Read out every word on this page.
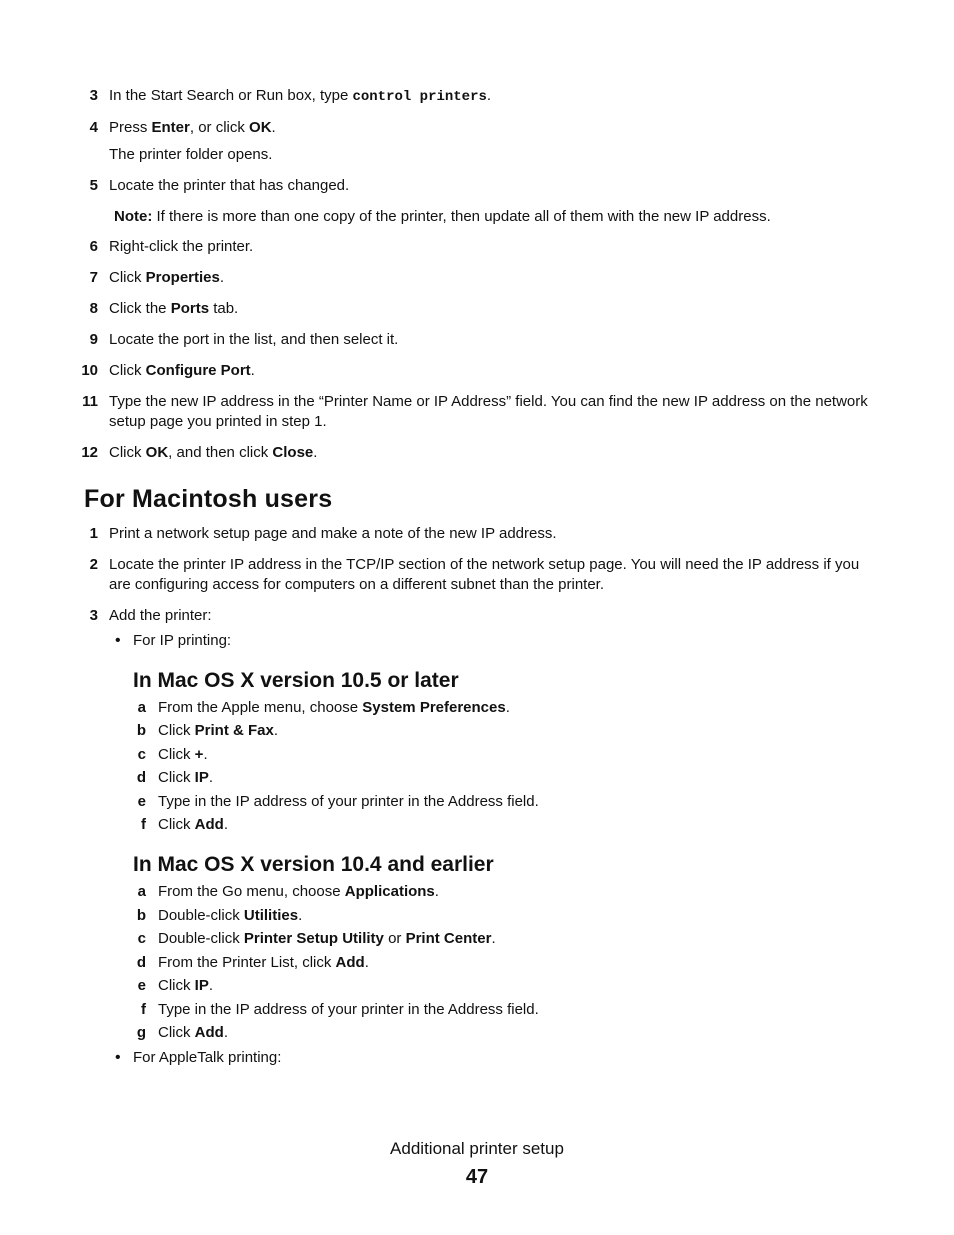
3 In the Start Search or Run box, type control printers.
4 Press Enter, or click OK.
The printer folder opens.
5 Locate the printer that has changed.
Note: If there is more than one copy of the printer, then update all of them with the new IP address.
6 Right-click the printer.
7 Click Properties.
8 Click the Ports tab.
9 Locate the port in the list, and then select it.
10 Click Configure Port.
11 Type the new IP address in the “Printer Name or IP Address” field. You can find the new IP address on the network setup page you printed in step 1.
12 Click OK, and then click Close.
For Macintosh users
1 Print a network setup page and make a note of the new IP address.
2 Locate the printer IP address in the TCP/IP section of the network setup page. You will need the IP address if you are configuring access for computers on a different subnet than the printer.
3 Add the printer:
• For IP printing:
In Mac OS X version 10.5 or later
a From the Apple menu, choose System Preferences.
b Click Print & Fax.
c Click +.
d Click IP.
e Type in the IP address of your printer in the Address field.
f Click Add.
In Mac OS X version 10.4 and earlier
a From the Go menu, choose Applications.
b Double-click Utilities.
c Double-click Printer Setup Utility or Print Center.
d From the Printer List, click Add.
e Click IP.
f Type in the IP address of your printer in the Address field.
g Click Add.
• For AppleTalk printing:
Additional printer setup
47
